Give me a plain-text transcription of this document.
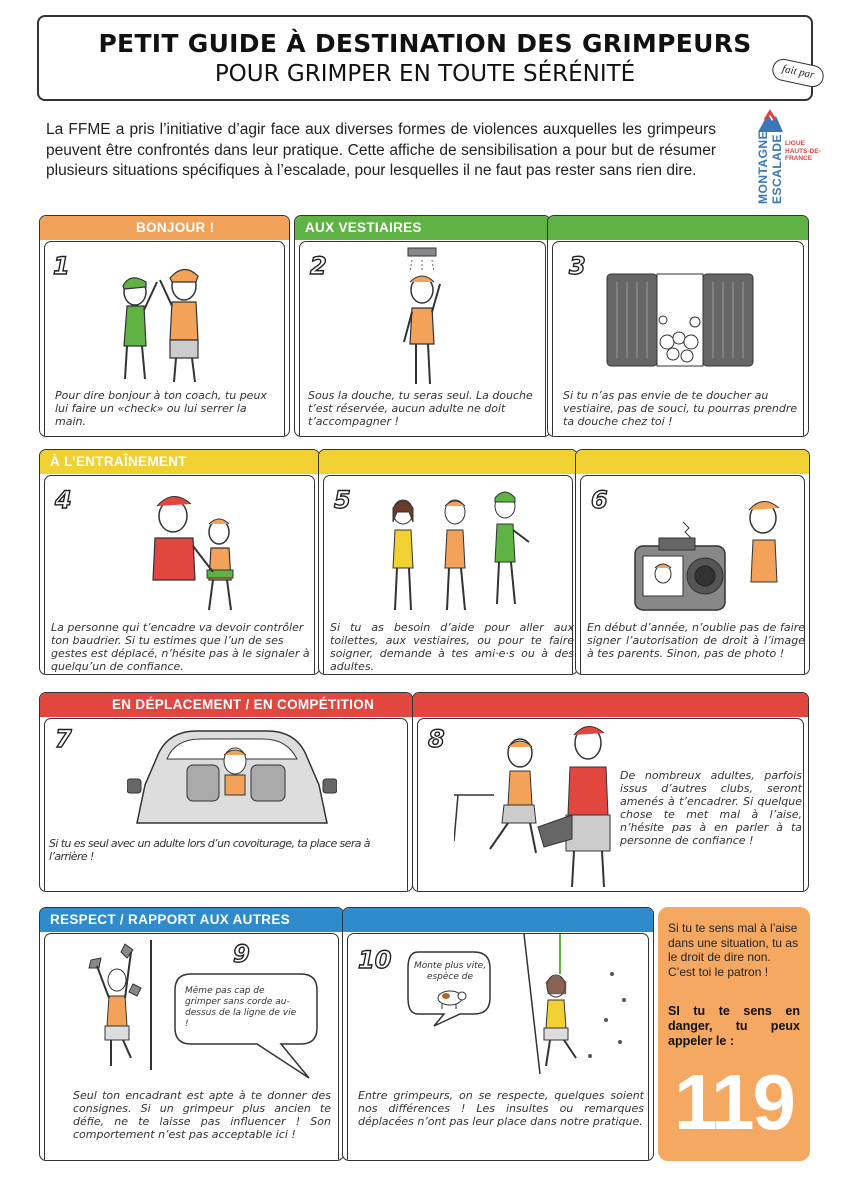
PETIT GUIDE À DESTINATION DES GRIMPEURS
POUR GRIMPER EN TOUTE SÉRÉNITÉ	fait par
MONTAGNE ESCALADE LIGUE HAUTS-DE-FRANCE
La FFME a pris l’initiative d’agir face aux diverses formes de violences auxquelles les grimpeurs peuvent être confrontés dans leur pratique. Cette affiche de sensibilisation a pour but de résumer plusieurs situations spécifiques à l’escalade, pour lesquelles il ne faut pas rester sans rien dire.
BONJOUR !
1
Pour dire bonjour à ton coach, tu peux lui faire un «check» ou lui serrer la main.
AUX VESTIAIRES
2
Sous la douche, tu seras seul. La douche t’est réservée, aucun adulte ne doit t’accompagner !
3
Si tu n’as pas envie de te doucher au vestiaire, pas de souci, tu pourras prendre ta douche chez toi !
À L’ENTRAÎNEMENT
4
La personne qui t’encadre va devoir contrôler ton baudrier. Si tu estimes que l’un de ses gestes est déplacé, n’hésite pas à le signaler à quelqu’un de confiance.
5
Si tu as besoin d’aide pour aller aux toilettes, aux vestiaires, ou pour te faire soigner, demande à tes ami·e·s ou à des adultes.
6
En début d’année, n’oublie pas de faire signer l’autorisation de droit à l’image à tes parents. Sinon, pas de photo !
EN DÉPLACEMENT / EN COMPÉTITION
7
Si tu es seul avec un adulte lors d’un covoiturage, ta place sera à l’arrière !
8
De nombreux adultes, parfois issus d’autres clubs, seront amenés à t’encadrer. Si quelque chose te met mal à l’aise, n’hésite pas à en parler à ta personne de confiance !
RESPECT / RAPPORT AUX AUTRES
9
Même pas cap de grimper sans corde au-dessus de la ligne de vie !
Seul ton encadrant est apte à te donner des consignes. Si un grimpeur plus ancien te défie, ne te laisse pas influencer ! Son comportement n’est pas acceptable ici !
10	Monte plus vite, espèce de
Entre grimpeurs, on se respecte, quelques soient nos différences ! Les insultes ou remarques déplacées n’ont pas leur place dans notre pratique.
Si tu te sens mal à l’aise dans une situation, tu as le droit de dire non. C’est toi le patron !
SI tu te sens en danger, tu peux appeler le :
119
